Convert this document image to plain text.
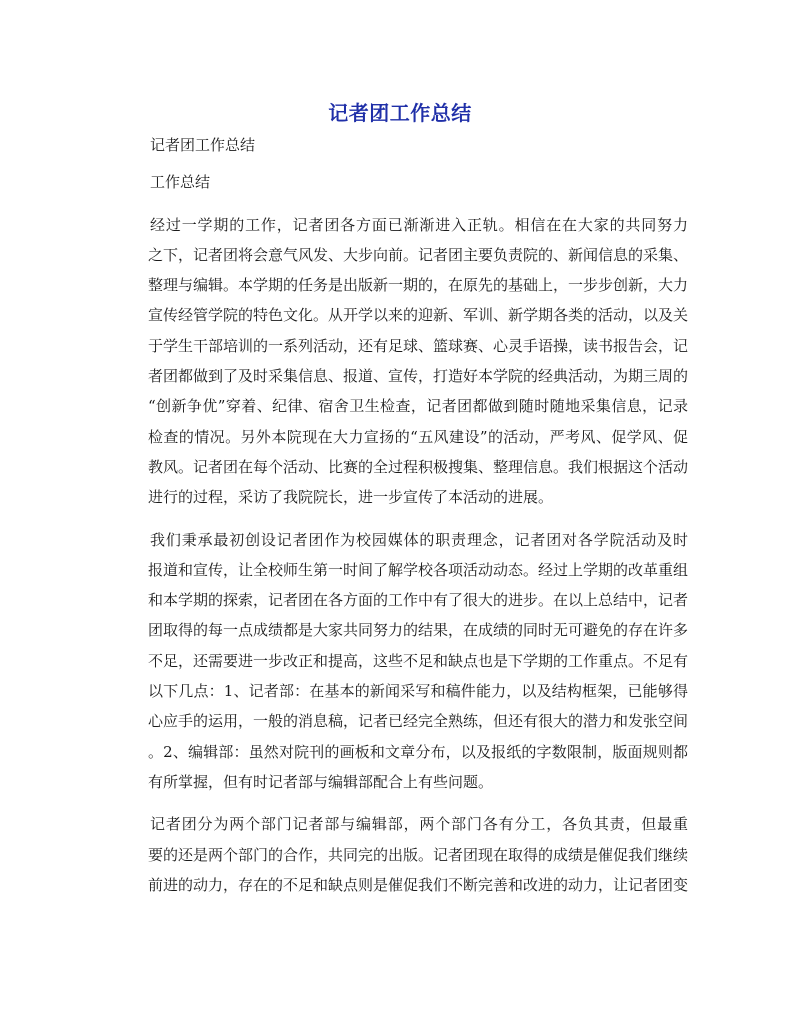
记者团工作总结
记者团工作总结
工作总结
经过一学期的工作，记者团各方面已渐渐进入正轨。相信在在大家的共同努力
之下，记者团将会意气风发、大步向前。记者团主要负责院的、新闻信息的采集、
整理与编辑。本学期的任务是出版新一期的，在原先的基础上，一步步创新，大力
宣传经管学院的特色文化。从开学以来的迎新、军训、新学期各类的活动，以及关
于学生干部培训的一系列活动，还有足球、篮球赛、心灵手语操，读书报告会，记
者团都做到了及时采集信息、报道、宣传，打造好本学院的经典活动，为期三周的
“创新争优”穿着、纪律、宿舍卫生检查，记者团都做到随时随地采集信息，记录
检查的情况。另外本院现在大力宣扬的“五风建设”的活动，严考风、促学风、促
教风。记者团在每个活动、比赛的全过程积极搜集、整理信息。我们根据这个活动
进行的过程，采访了我院院长，进一步宣传了本活动的进展。
我们秉承最初创设记者团作为校园媒体的职责理念，记者团对各学院活动及时
报道和宣传，让全校师生第一时间了解学校各项活动动态。经过上学期的改革重组
和本学期的探索，记者团在各方面的工作中有了很大的进步。在以上总结中，记者
团取得的每一点成绩都是大家共同努力的结果，在成绩的同时无可避免的存在许多
不足，还需要进一步改正和提高，这些不足和缺点也是下学期的工作重点。不足有
以下几点：1、记者部：在基本的新闻采写和稿件能力，以及结构框架，已能够得
心应手的运用，一般的消息稿，记者已经完全熟练，但还有很大的潜力和发张空间
。2、编辑部：虽然对院刊的画板和文章分布，以及报纸的字数限制，版面规则都
有所掌握，但有时记者部与编辑部配合上有些问题。
记者团分为两个部门记者部与编辑部，两个部门各有分工，各负其责，但最重
要的还是两个部门的合作，共同完的出版。记者团现在取得的成绩是催促我们继续
前进的动力，存在的不足和缺点则是催促我们不断完善和改进的动力，让记者团变
